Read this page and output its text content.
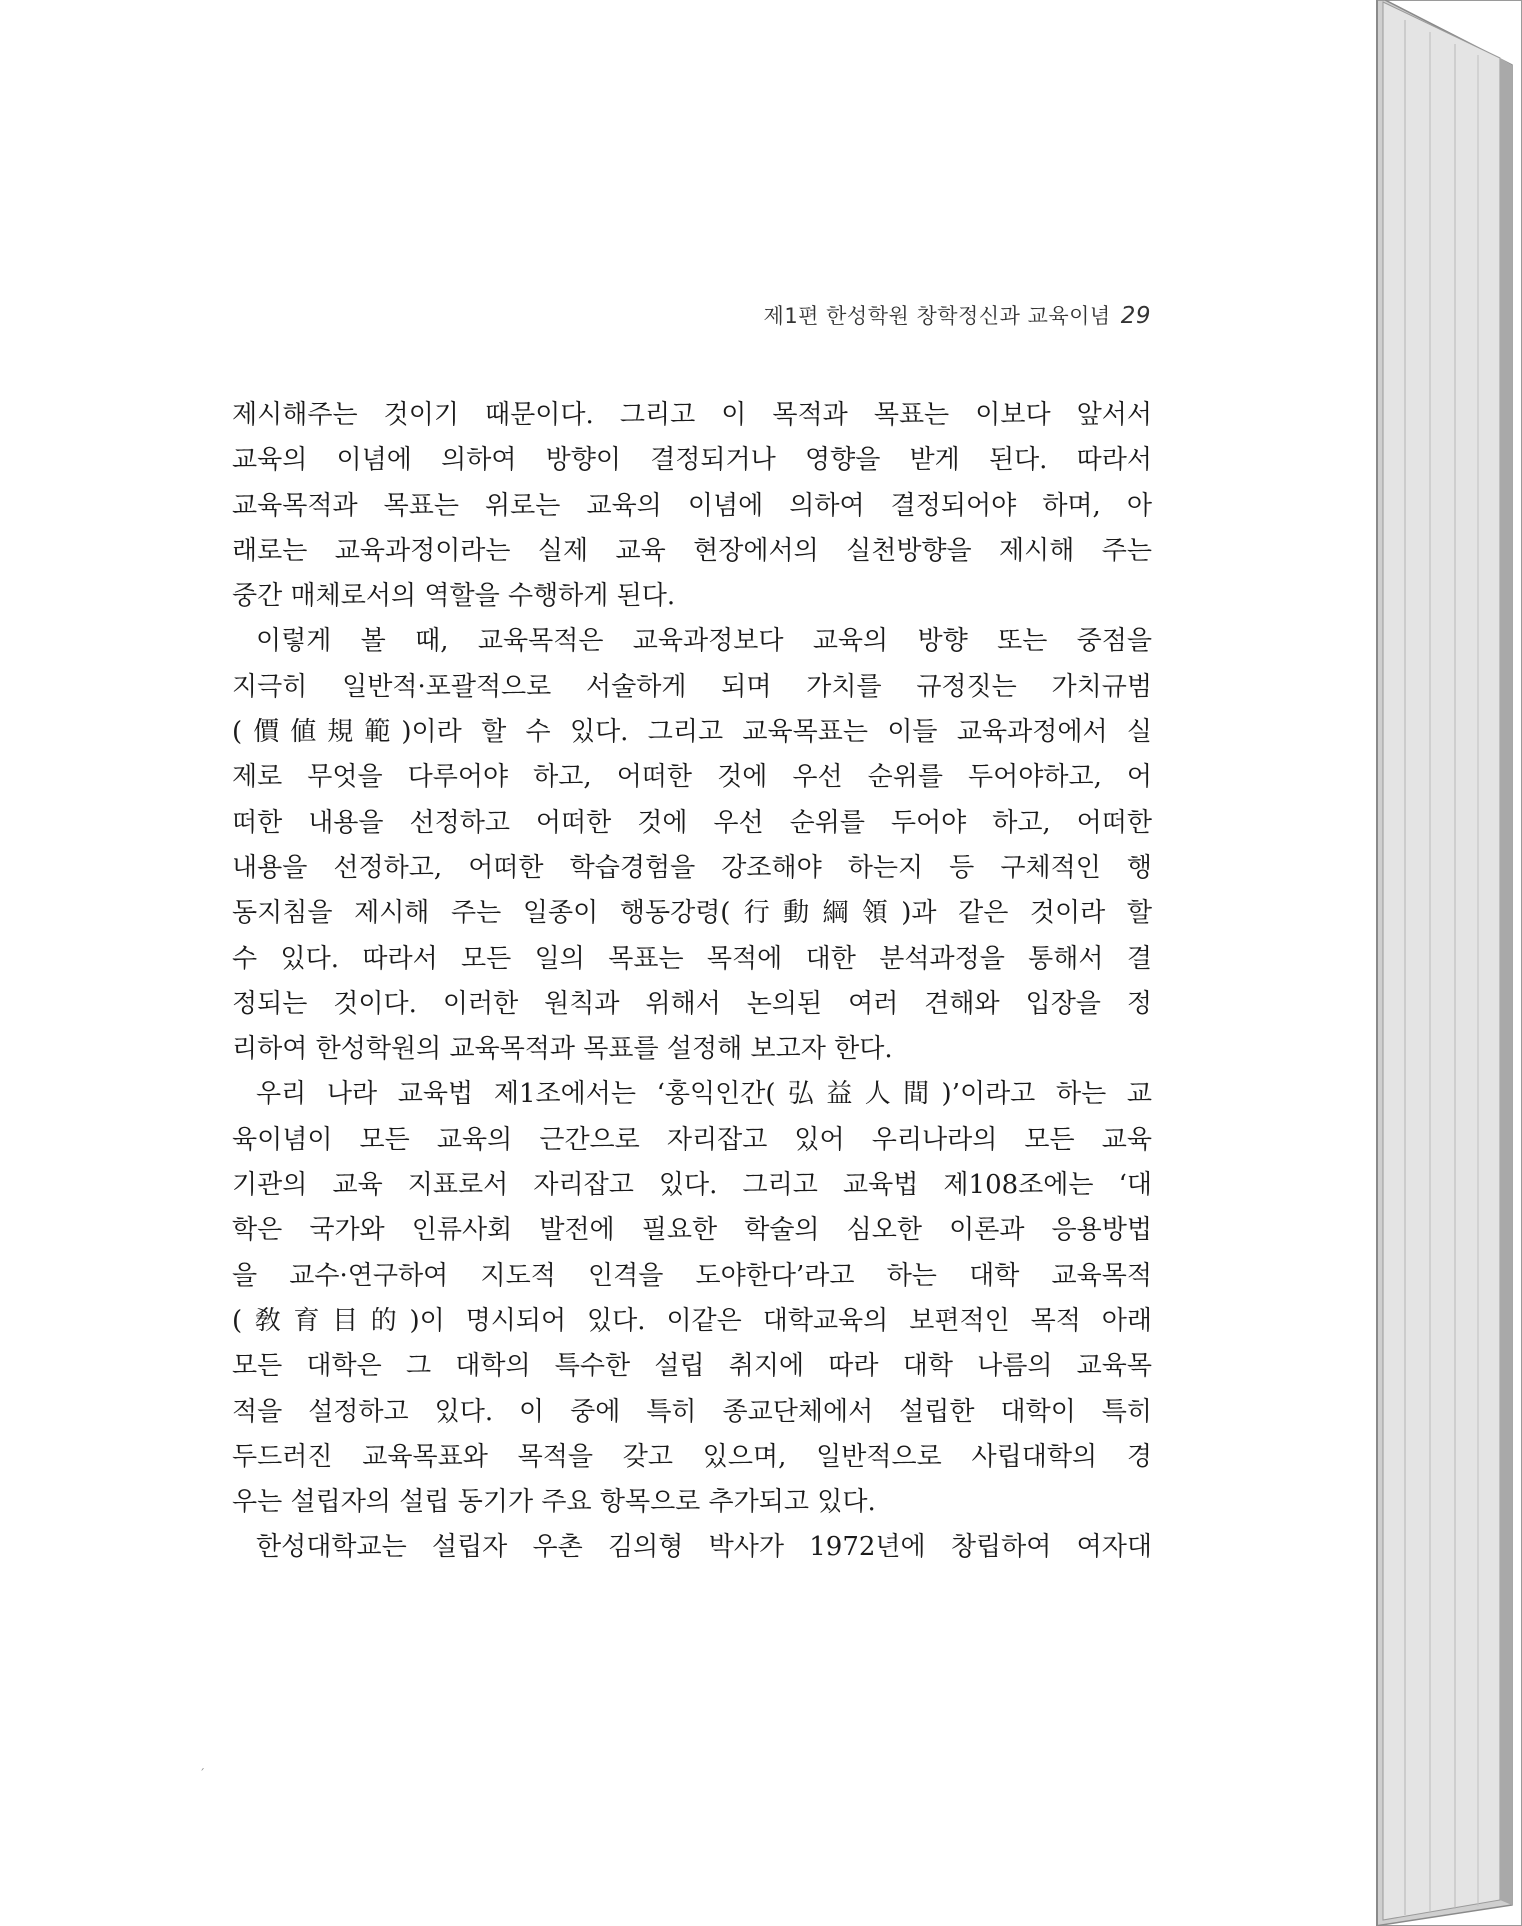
제1편 한성학원 창학정신과 교육이념 29
제시해주는 것이기 때문이다. 그리고 이 목적과 목표는 이보다 앞서서
교육의 이념에 의하여 방향이 결정되거나 영향을 받게 된다. 따라서
교육목적과 목표는 위로는 교육의 이념에 의하여 결정되어야 하며, 아
래로는 교육과정이라는 실제 교육 현장에서의 실천방향을 제시해 주는
중간 매체로서의 역할을 수행하게 된다.
이렇게 볼 때, 교육목적은 교육과정보다 교육의 방향 또는 중점을
지극히 일반적·포괄적으로 서술하게 되며 가치를 규정짓는 가치규범
(價値規範)이라 할 수 있다. 그리고 교육목표는 이들 교육과정에서 실
제로 무엇을 다루어야 하고, 어떠한 것에 우선 순위를 두어야하고, 어
떠한 내용을 선정하고 어떠한 것에 우선 순위를 두어야 하고, 어떠한
내용을 선정하고, 어떠한 학습경험을 강조해야 하는지 등 구체적인 행
동지침을 제시해 주는 일종이 행동강령(行動綱領)과 같은 것이라 할
수 있다. 따라서 모든 일의 목표는 목적에 대한 분석과정을 통해서 결
정되는 것이다. 이러한 원칙과 위해서 논의된 여러 견해와 입장을 정
리하여 한성학원의 교육목적과 목표를 설정해 보고자 한다.
우리 나라 교육법 제1조에서는 ‘홍익인간(弘益人間)’이라고 하는 교
육이념이 모든 교육의 근간으로 자리잡고 있어 우리나라의 모든 교육
기관의 교육 지표로서 자리잡고 있다. 그리고 교육법 제108조에는 ‘대
학은 국가와 인류사회 발전에 필요한 학술의 심오한 이론과 응용방법
을 교수·연구하여 지도적 인격을 도야한다’라고 하는 대학 교육목적
(敎育目的)이 명시되어 있다. 이같은 대학교육의 보편적인 목적 아래
모든 대학은 그 대학의 특수한 설립 취지에 따라 대학 나름의 교육목
적을 설정하고 있다. 이 중에 특히 종교단체에서 설립한 대학이 특히
두드러진 교육목표와 목적을 갖고 있으며, 일반적으로 사립대학의 경
우는 설립자의 설립 동기가 주요 항목으로 추가되고 있다.
한성대학교는 설립자 우촌 김의형 박사가 1972년에 창립하여 여자대
ˊ
